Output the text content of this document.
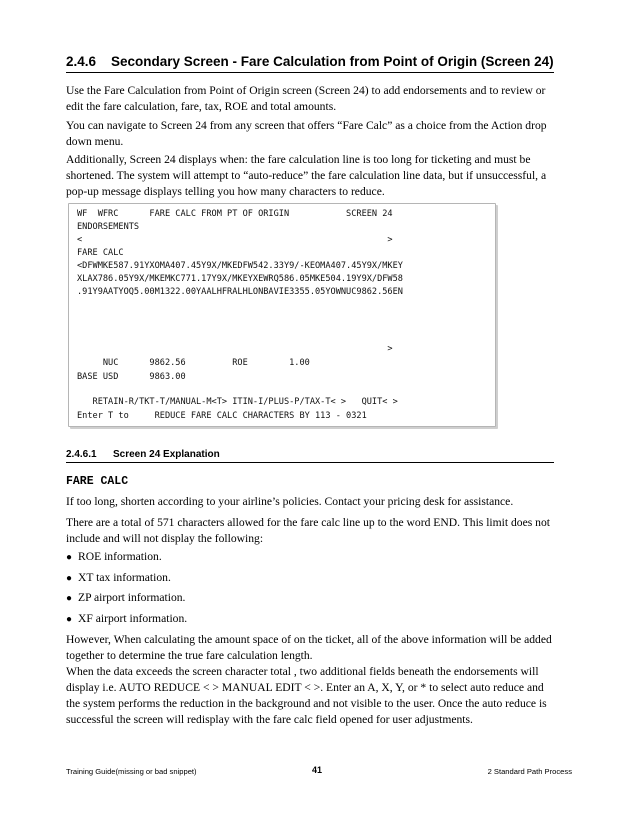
2.4.6 Secondary Screen - Fare Calculation from Point of Origin (Screen 24)
Use the Fare Calculation from Point of Origin screen (Screen 24) to add endorsements and to review or edit the fare calculation, fare, tax, ROE and total amounts.
You can navigate to Screen 24 from any screen that offers “Fare Calc” as a choice from the Action drop down menu.
Additionally, Screen 24 displays when: the fare calculation line is too long for ticketing and must be shortened. The system will attempt to “auto-reduce” the fare calculation line data, but if unsuccessful, a pop-up message displays telling you how many characters to reduce.
WF  WFRC      FARE CALC FROM PT OF ORIGIN           SCREEN 24
ENDORSEMENTS
<                                                           >
FARE CALC
<DFWMKE587.91YXOMA407.45Y9X/MKEDFW542.33Y9/-KEOMA407.45Y9X/MKEY
XLAX786.05Y9X/MKEMKC771.17Y9X/MKEYXEWRQ586.05MKE504.19Y9X/DFW58
.91Y9AATYOQ5.00M1322.00YAALHFRALHLONBAVIE3355.05YOWNUC9862.56EN
>
NUC      9862.56         ROE        1.00
BASE USD      9863.00
RETAIN-R/TKT-T/MANUAL-M<T> ITIN-I/PLUS-P/TAX-T< >   QUIT< >
Enter T to     REDUCE FARE CALC CHARACTERS BY 113 - 0321
2.4.6.1 Screen 24 Explanation
FARE CALC
If too long, shorten according to your airline’s policies. Contact your pricing desk for assistance.
There are a total of 571 characters allowed for the fare calc line up to the word END. This limit does not include and will not display the following:
● ROE information.
● XT tax information.
● ZP airport information.
● XF airport information.
However, When calculating the amount space of on the ticket, all of the above information will be added together to determine the true fare calculation length.
When the data exceeds the screen character total , two additional fields beneath the endorsements will display i.e. AUTO REDUCE < > MANUAL EDIT < >. Enter an A, X, Y, or * to select auto reduce and the system performs the reduction in the background and not visible to the user. Once the auto reduce is successful the screen will redisplay with the fare calc field opened for user adjustments.
Training Guide(missing or bad snippet)	41	2 Standard Path Process
